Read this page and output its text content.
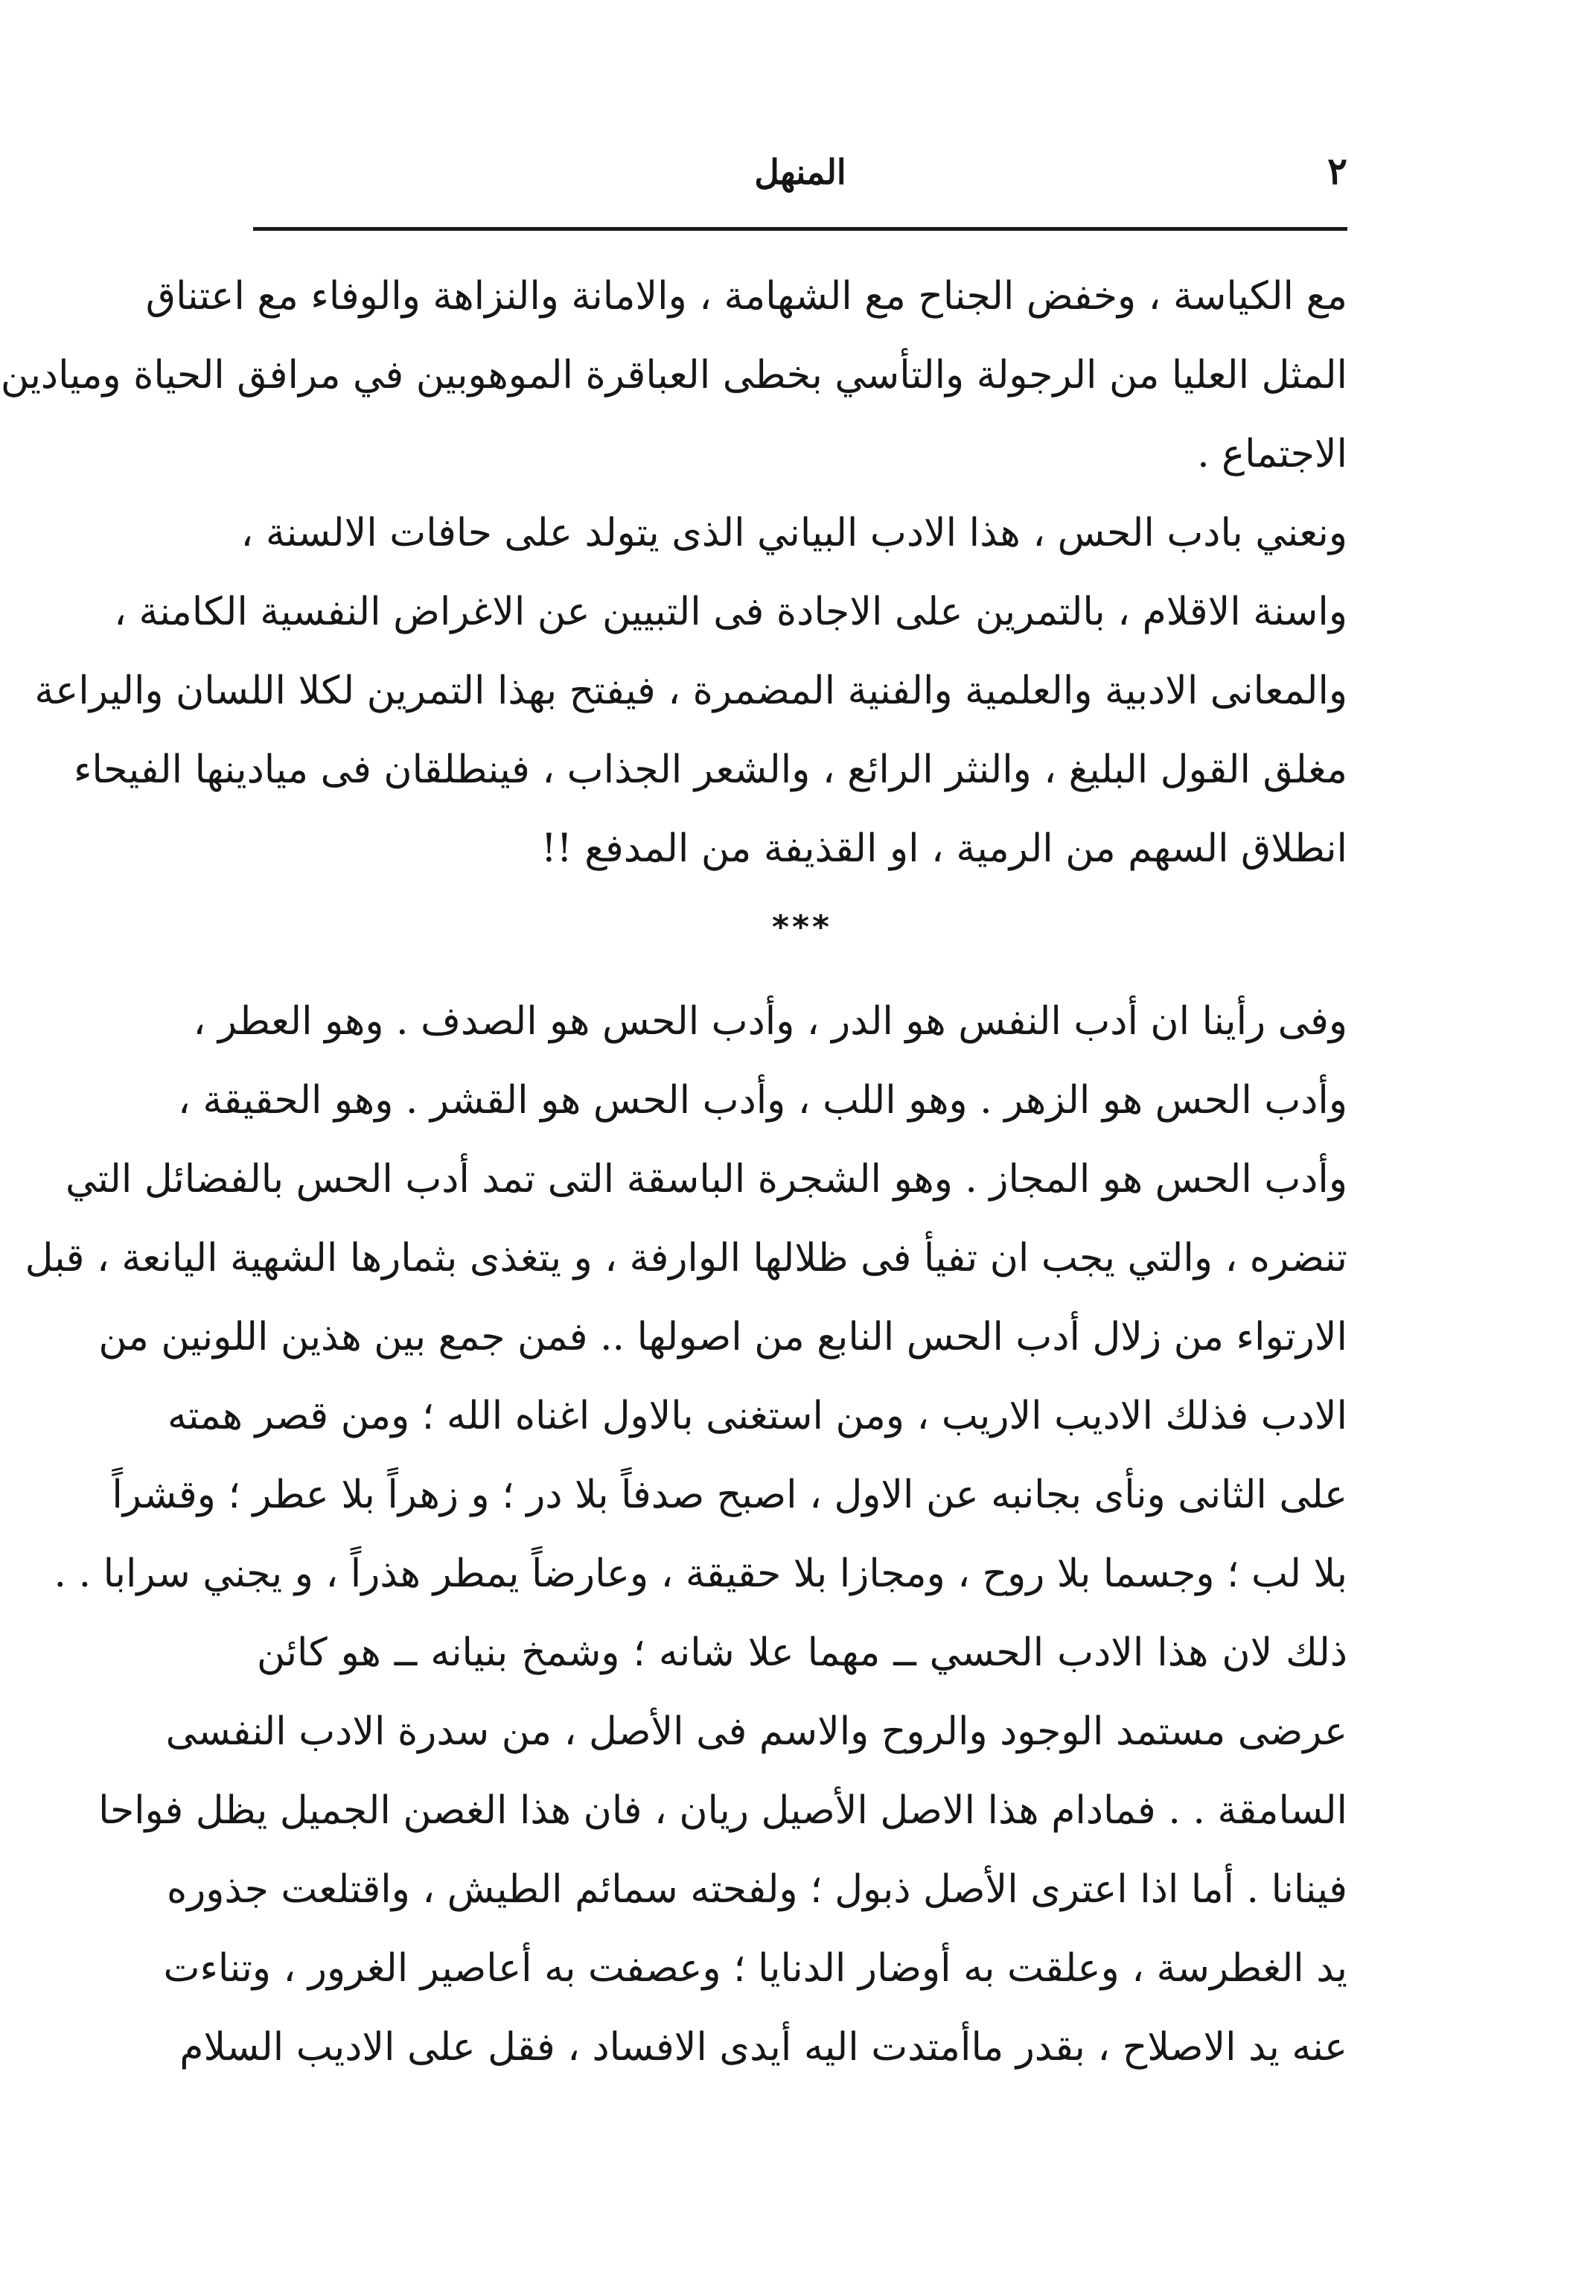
٢
المنهل
مع الكياسة ، وخفض الجناح مع الشهامة ، والامانة والنزاهة والوفاء مع اعتناق
المثل العليا من الرجولة والتأسي بخطى العباقرة الموهوبين في مرافق الحياة وميادين
الاجتماع .
ونعني بادب الحس ، هذا الادب البياني الذى يتولد على حافات الالسنة ،
واسنة الاقلام ، بالتمرين على الاجادة فى التبيين عن الاغراض النفسية الكامنة ،
والمعانى الادبية والعلمية والفنية المضمرة ، فيفتح بهذا التمرين لكلا اللسان واليراعة
مغلق القول البليغ ، والنثر الرائع ، والشعر الجذاب ، فينطلقان فى ميادينها الفيحاء
انطلاق السهم من الرمية ، او القذيفة من المدفع !!
***
وفى رأينا ان أدب النفس هو الدر ، وأدب الحس هو الصدف . وهو العطر ،
وأدب الحس هو الزهر . وهو اللب ، وأدب الحس هو القشر . وهو الحقيقة ،
وأدب الحس هو المجاز . وهو الشجرة الباسقة التى تمد أدب الحس بالفضائل التي
تنضره ، والتي يجب ان تفيأ فى ظلالها الوارفة ، و يتغذى بثمارها الشهية اليانعة ، قبل
الارتواء من زلال أدب الحس النابع من اصولها .. فمن جمع بين هذين اللونين من
الادب فذلك الاديب الاريب ، ومن استغنى بالاول اغناه الله ؛ ومن قصر همته
على الثانى ونأى بجانبه عن الاول ، اصبح صدفاً بلا در ؛ و زهراً بلا عطر ؛ وقشراً
بلا لب ؛ وجسما بلا روح ، ومجازا بلا حقيقة ، وعارضاً يمطر هذراً ، و يجني سرابا . .
ذلك لان هذا الادب الحسي ــ مهما علا شانه ؛ وشمخ بنيانه ــ هو كائن
عرضى مستمد الوجود والروح والاسم فى الأصل ، من سدرة الادب النفسى
السامقة . . فمادام هذا الاصل الأصيل ريان ، فان هذا الغصن الجميل يظل فواحا
فينانا . أما اذا اعترى الأصل ذبول ؛ ولفحته سمائم الطيش ، واقتلعت جذوره
يد الغطرسة ، وعلقت به أوضار الدنايا ؛ وعصفت به أعاصير الغرور ، وتناءت
عنه يد الاصلاح ، بقدر ماأمتدت اليه أيدى الافساد ، فقل على الاديب السلام
